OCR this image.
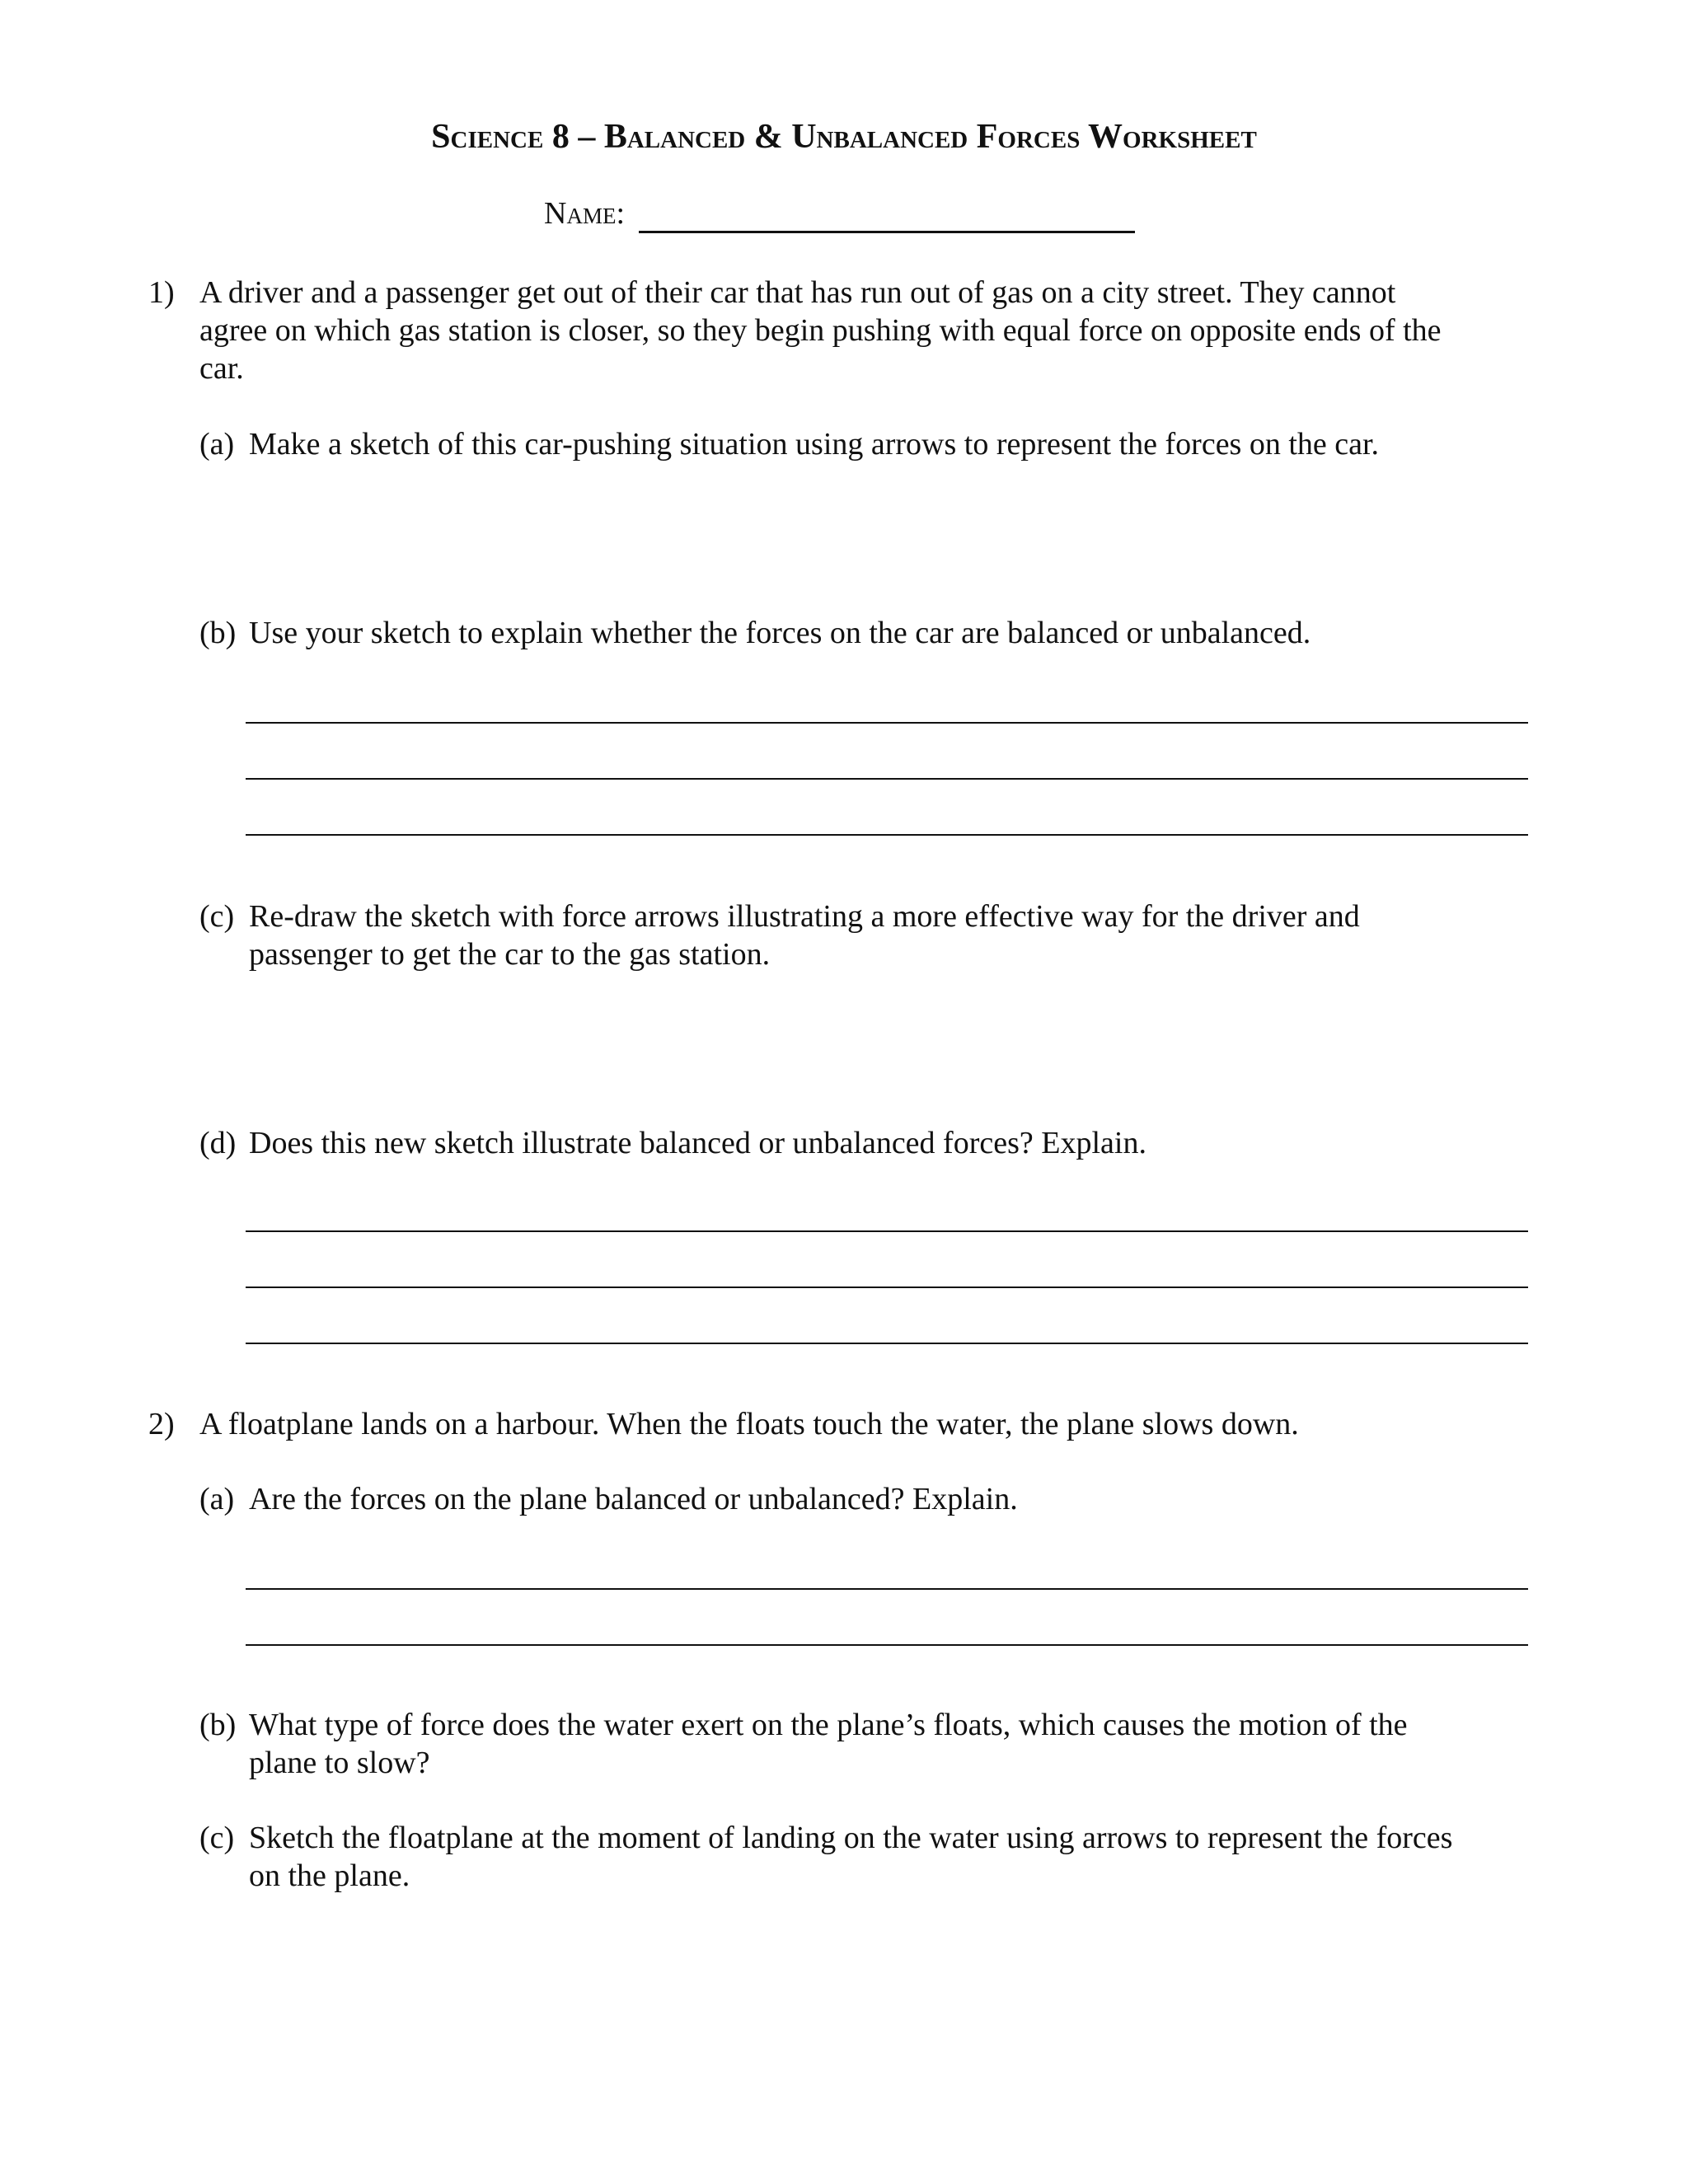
Science 8 – Balanced & Unbalanced Forces Worksheet
Name:
1) A driver and a passenger get out of their car that has run out of gas on a city street. They cannot
agree on which gas station is closer, so they begin pushing with equal force on opposite ends of the
car.
(a) Make a sketch of this car-pushing situation using arrows to represent the forces on the car.
(b) Use your sketch to explain whether the forces on the car are balanced or unbalanced.
(c) Re-draw the sketch with force arrows illustrating a more effective way for the driver and
passenger to get the car to the gas station.
(d) Does this new sketch illustrate balanced or unbalanced forces? Explain.
2) A floatplane lands on a harbour. When the floats touch the water, the plane slows down.
(a) Are the forces on the plane balanced or unbalanced? Explain.
(b) What type of force does the water exert on the plane’s floats, which causes the motion of the
plane to slow?
(c) Sketch the floatplane at the moment of landing on the water using arrows to represent the forces
on the plane.
